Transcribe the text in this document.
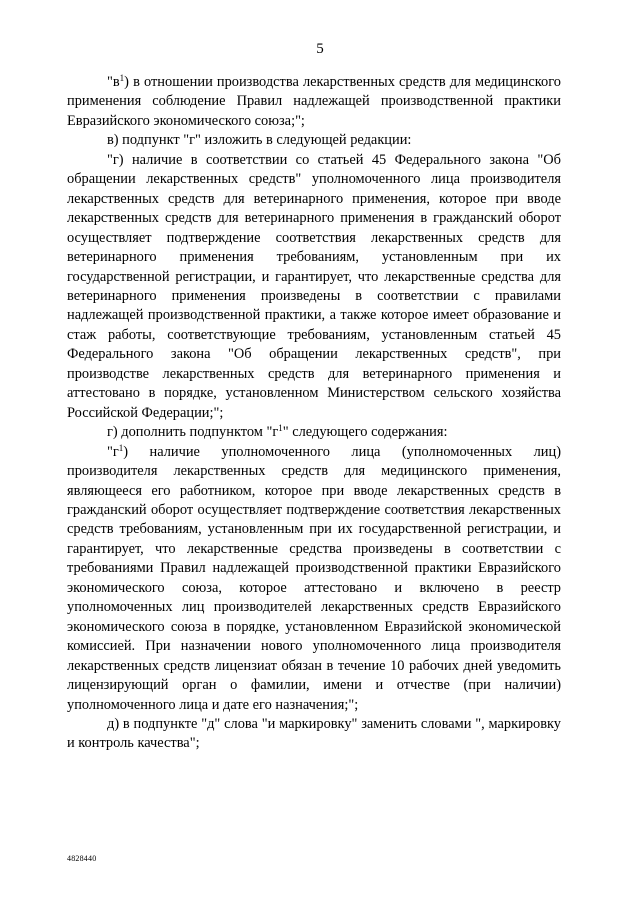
5

"$в^1$) в отношении производства лекарственных средств для медицинского применения соблюдение Правил надлежащей производственной практики Евразийского экономического союза;";

в) подпункт "г" изложить в следующей редакции:

"г) наличие в соответствии со статьей 45 Федерального закона "Об обращении лекарственных средств" уполномоченного лица производителя лекарственных средств для ветеринарного применения, которое при вводе лекарственных средств для ветеринарного применения в гражданский оборот осуществляет подтверждение соответствия лекарственных средств для ветеринарного применения требованиям, установленным при их государственной регистрации, и гарантирует, что лекарственные средства для ветеринарного применения произведены в соответствии с правилами надлежащей производственной практики, а также которое имеет образование и стаж работы, соответствующие требованиям, установленным статьей 45 Федерального закона "Об обращении лекарственных средств", при производстве лекарственных средств для ветеринарного применения и аттестовано в порядке, установленном Министерством сельского хозяйства Российской Федерации;";

г) дополнить подпунктом "$г^1$" следующего содержания:

"$г^1$) наличие уполномоченного лица (уполномоченных лиц) производителя лекарственных средств для медицинского применения, являющееся его работником, которое при вводе лекарственных средств в гражданский оборот осуществляет подтверждение соответствия лекарственных средств требованиям, установленным при их государственной регистрации, и гарантирует, что лекарственные средства произведены в соответствии с требованиями Правил надлежащей производственной практики Евразийского экономического союза, которое аттестовано и включено в реестр уполномоченных лиц производителей лекарственных средств Евразийского экономического союза в порядке, установленном Евразийской экономической комиссией. При назначении нового уполномоченного лица производителя лекарственных средств лицензиат обязан в течение 10 рабочих дней уведомить лицензирующий орган о фамилии, имени и отчестве (при наличии) уполномоченного лица и дате его назначения;";

д) в подпункте "д" слова "и маркировку" заменить словами ", маркировку и контроль качества";

4828440
